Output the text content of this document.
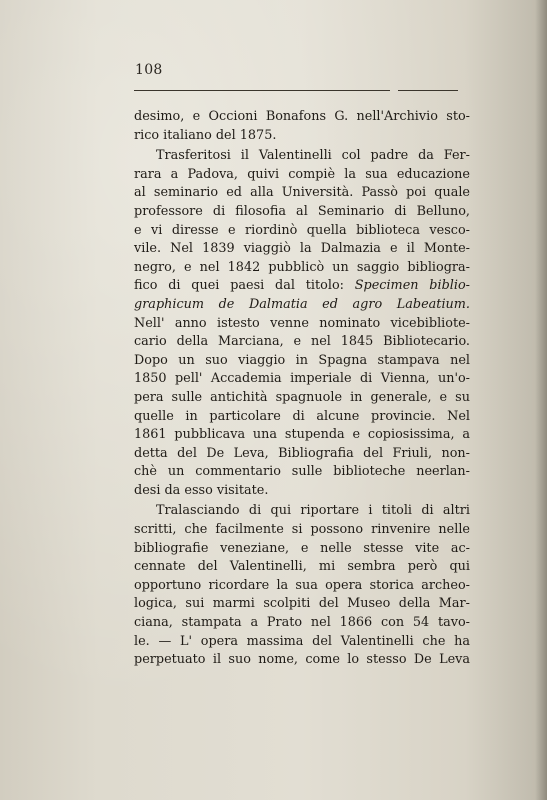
108
desimo, e Occioni Bonafons G. nell'Archivio sto-
rico italiano del 1875.
Trasferitosi il Valentinelli col padre da Fer-
rara a Padova, quivi compiè la sua educazione
al seminario ed alla Università. Passò poi quale
professore di filosofia al Seminario di Belluno,
e vi diresse e riordinò quella biblioteca vesco-
vile. Nel 1839 viaggiò la Dalmazia e il Monte-
negro, e nel 1842 pubblicò un saggio bibliogra-
fico di quei paesi dal titolo: Specimen biblio-
graphicum de Dalmatia ed agro Labeatium.
Nell' anno istesto venne nominato vicebibliote-
cario della Marciana, e nel 1845 Bibliotecario.
Dopo un suo viaggio in Spagna stampava nel
1850 pell' Accademia imperiale di Vienna, un'o-
pera sulle antichità spagnuole in generale, e su
quelle in particolare di alcune provincie. Nel
1861 pubblicava una stupenda e copiosissima, a
detta del De Leva, Bibliografia del Friuli, non-
chè un commentario sulle biblioteche neerlan-
desi da esso visitate.
Tralasciando di qui riportare i titoli di altri
scritti, che facilmente si possono rinvenire nelle
bibliografie veneziane, e nelle stesse vite ac-
cennate del Valentinelli, mi sembra però qui
opportuno ricordare la sua opera storica archeo-
logica, sui marmi scolpiti del Museo della Mar-
ciana, stampata a Prato nel 1866 con 54 tavo-
le. — L' opera massima del Valentinelli che ha
perpetuato il suo nome, come lo stesso De Leva
